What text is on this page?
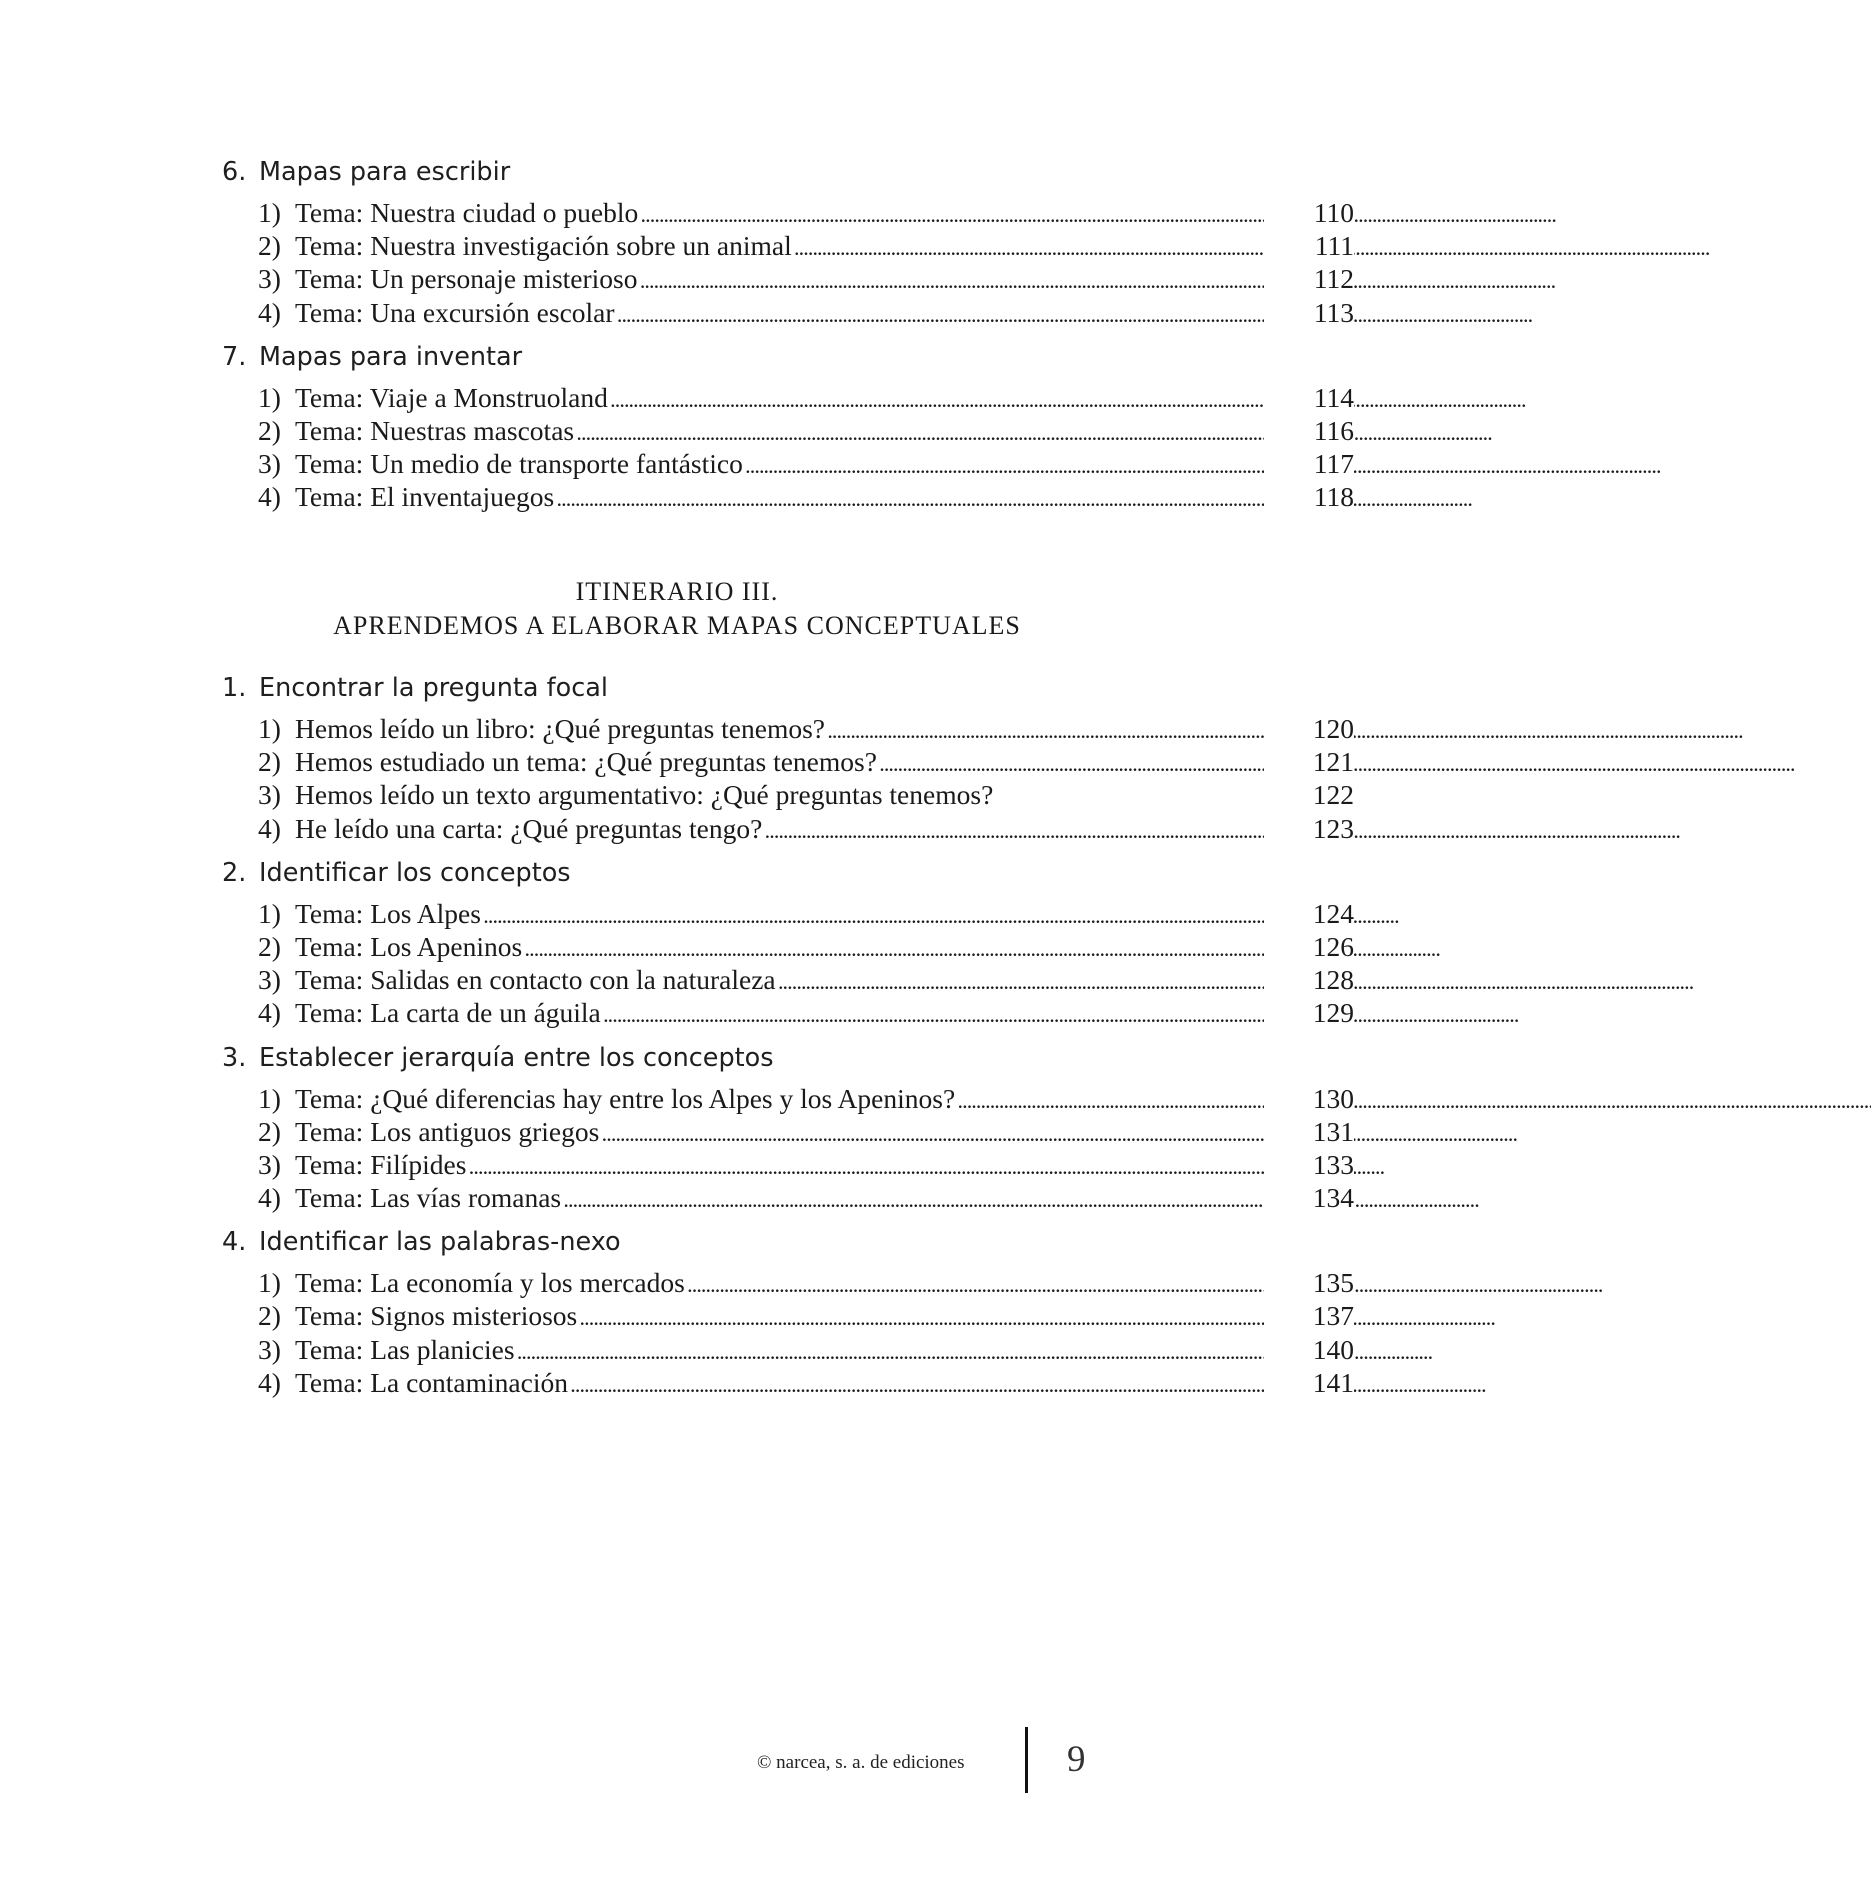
6. Mapas para escribir
1) Tema: Nuestra ciudad o pueblo . . .	110
2) Tema: Nuestra investigación sobre un animal . . .	111
3) Tema: Un personaje misterioso . . .	112
4) Tema: Una excursión escolar . . .	113
7. Mapas para inventar
1) Tema: Viaje a Monstruoland . . .	114
2) Tema: Nuestras mascotas . . .	116
3) Tema: Un medio de transporte fantástico . . .	117
4) Tema: El inventajuegos . . .	118
ITINERARIO III.
APRENDEMOS A ELABORAR MAPAS CONCEPTUALES
1. Encontrar la pregunta focal
1) Hemos leído un libro: ¿Qué preguntas tenemos? . . .	120
2) Hemos estudiado un tema: ¿Qué preguntas tenemos? . . .	121
3) Hemos leído un texto argumentativo: ¿Qué preguntas tenemos?	122
4) He leído una carta: ¿Qué preguntas tengo? . . .	123
2. Identificar los conceptos
1) Tema: Los Alpes . . .	124
2) Tema: Los Apeninos . . .	126
3) Tema: Salidas en contacto con la naturaleza . . .	128
4) Tema: La carta de un águila . . .	129
3. Establecer jerarquía entre los conceptos
1) Tema: ¿Qué diferencias hay entre los Alpes y los Apeninos? . . .	130
2) Tema: Los antiguos griegos . . .	131
3) Tema: Filípides . . .	133
4) Tema: Las vías romanas . . .	134
4. Identificar las palabras-nexo
1) Tema: La economía y los mercados . . .	135
2) Tema: Signos misteriosos . . .	137
3) Tema: Las planicies . . .	140
4) Tema: La contaminación . . .	141
© narcea, s. a. de ediciones	9
